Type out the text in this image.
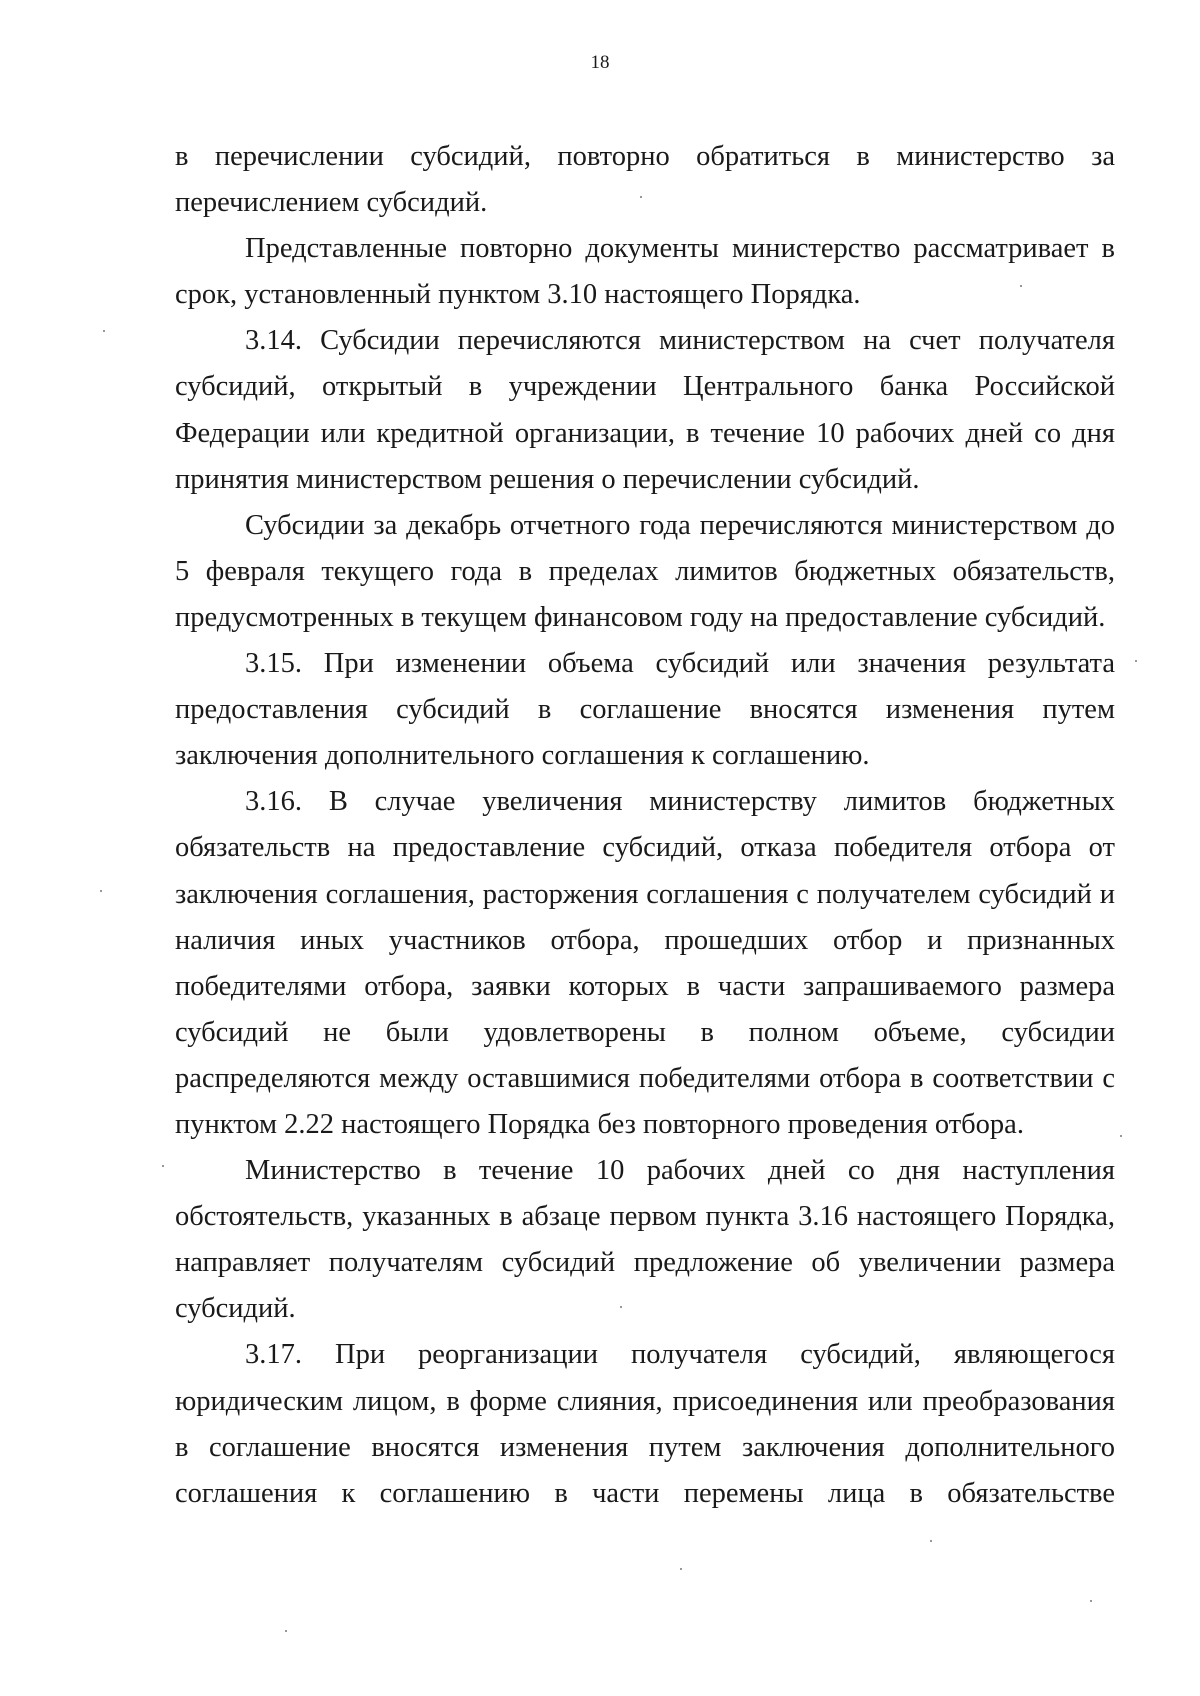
18

в перечислении субсидий, повторно обратиться в министерство за перечислением субсидий.

Представленные повторно документы министерство рассматривает в срок, установленный пунктом 3.10 настоящего Порядка.

3.14. Субсидии перечисляются министерством на счет получателя субсидий, открытый в учреждении Центрального банка Российской Федерации или кредитной организации, в течение 10 рабочих дней со дня принятия министерством решения о перечислении субсидий.

Субсидии за декабрь отчетного года перечисляются министерством до 5 февраля текущего года в пределах лимитов бюджетных обязательств, предусмотренных в текущем финансовом году на предоставление субсидий.

3.15. При изменении объема субсидий или значения результата предоставления субсидий в соглашение вносятся изменения путем заключения дополнительного соглашения к соглашению.

3.16. В случае увеличения министерству лимитов бюджетных обязательств на предоставление субсидий, отказа победителя отбора от заключения соглашения, расторжения соглашения с получателем субсидий и наличия иных участников отбора, прошедших отбор и признанных победителями отбора, заявки которых в части запрашиваемого размера субсидий не были удовлетворены в полном объеме, субсидии распределяются между оставшимися победителями отбора в соответствии с пунктом 2.22 настоящего Порядка без повторного проведения отбора.

Министерство в течение 10 рабочих дней со дня наступления обстоятельств, указанных в абзаце первом пункта 3.16 настоящего Порядка, направляет получателям субсидий предложение об увеличении размера субсидий.

3.17. При реорганизации получателя субсидий, являющегося юридическим лицом, в форме слияния, присоединения или преобразования в соглашение вносятся изменения путем заключения дополнительного соглашения к соглашению в части перемены лица в обязательстве
